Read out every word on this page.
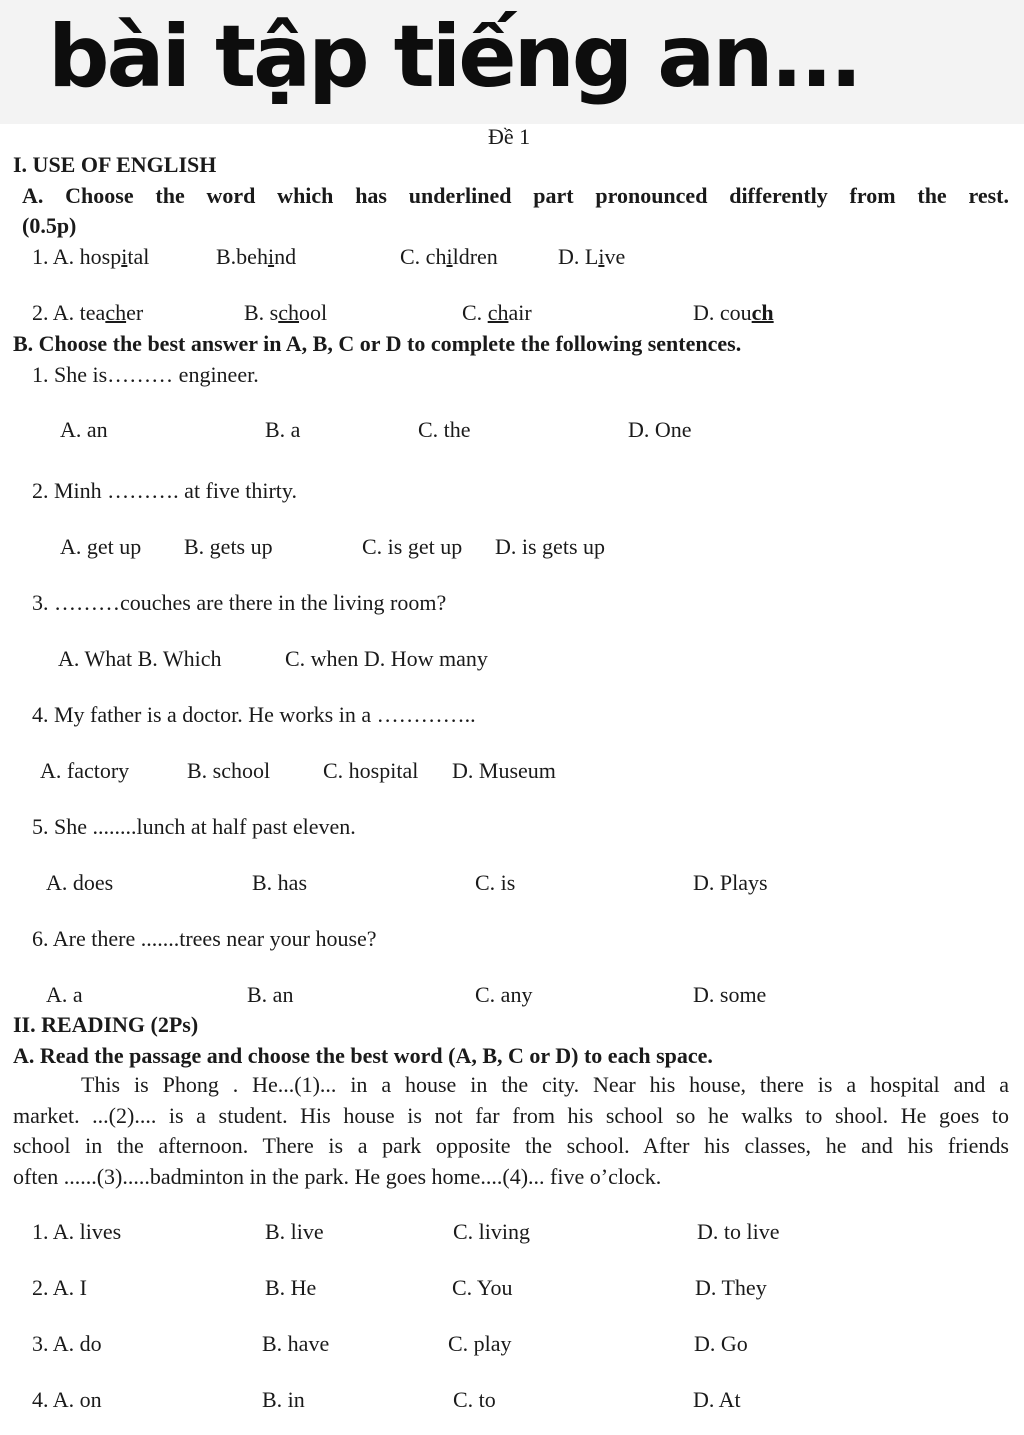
bài tập tiếng an...
Đề 1
I. USE OF ENGLISH
A. Choose the word which has underlined part pronounced differently from the rest.
(0.5p)
1. A. hospital	B.behind	C. children	D. Live
2. A. teacher	B. school	C. chair	D. couch
B. Choose the best answer in A, B, C or D to complete the following sentences.
1. She is……… engineer.
A. an	B. a	C. the	D. One
2. Minh ………. at five thirty.
A. get up B. gets up	C. is get up D. is gets up
3. ………couches are there in the living room?
A. What B. Which	C. when D. How many
4. My father is a doctor. He works in a …………..
A. factory	B. school C. hospital D. Museum
5. She ........lunch at half past eleven.
A. does	B. has	C. is	D. Plays
6. Are there .......trees near your house?
A. a	B. an	C. any	D. some
II. READING (2Ps)
A. Read the passage and choose the best word (A, B, C or D) to each space.
This is Phong . He...(1)... in a house in the city. Near his house, there is a hospital and a
market. ...(2).... is a student. His house is not far from his school so he walks to shool. He goes to
school in the afternoon. There is a park opposite the school. After his classes, he and his friends
often ......(3).....badminton in the park. He goes home....(4)... five o’clock.
1. A. lives	B. live	C. living	D. to live
2. A. I	B. He	C. You	D. They
3. A. do	B. have	C. play	D. Go
4. A. on	B. in	C. to	D. At
